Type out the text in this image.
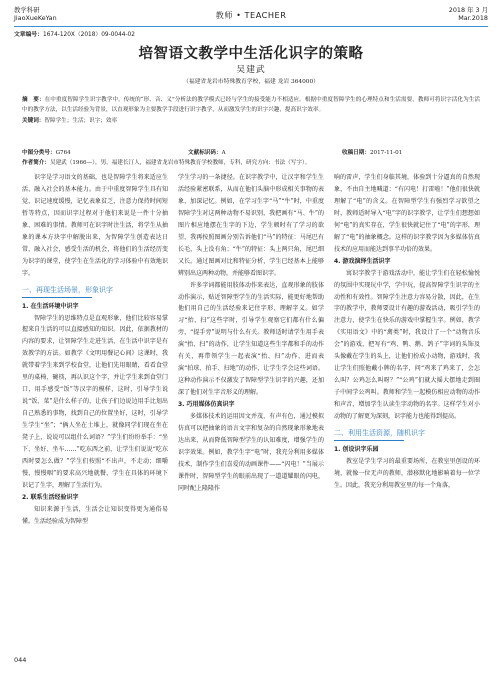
教学科研
JiaoXueKeYan	教师 • TEACHER	2018 年 3 月
Mar.2018
文章编号：1674-120X（2018）09-0044-02
培智语文教学中生活化识字的策略
吴建武
（福建省龙岩市特殊教育学校，福建 龙岩 364000）
摘　要：在中重度智障学生识字教学中，传统的“形、音、义”分析法的教学模式已经与学生的接受能力不相适应。根据中重度智障学生的心理特点和生活需要，教师可将识字活化为生活中的教学方法，以生活经验为背景，以直观形象为主要教学手段进行识字教学，从而激发学生的识字兴趣，提高识字效率。
关键词：智障学生；生活；识字；效率
中图分类号：G764	文献标识码：A	收稿日期：2017-11-01
作者简介：吴建武（1966—），男，福建长汀人，福建省龙岩市特殊教育学校教师，专科，研究方向：书法（写字）。

识字是学习语文的基础，也是智障学生将来适应生活、融入社会的基本能力。由于中重度智障学生具有知觉、识记速度缓慢，记忆表象贫乏，注意力保持时间短暂等特点，因而识字过程对于他们来说是一件十分抽象、困难的事情。教师可在识字时注生活，将学生从抽象的课本方块字中解脱出来，为智障学生创造表达日常，融入社会，感受生活的机会，将他们的生活经历变为识字的课堂，使学生在生活化的学习体验中有效地识字。

一、再现生活场景，形象识字
1. 在生活环境中识字

智障学生的思维特点是直观形象，他们比较容易掌握来自生活的可以直接感知的知识。因此，依据教材的内容的要求，让智障学生走进生活，在生活中识字是有效教学的方法。如教学《文明用餐记心间》这课时，我就带着学生来到学校食堂，让他们先用眼睛，看看食堂里的桌椅、碗筷，再认识这个字，并让学生来到食堂门口，用手感受“饭”等汉字的模样，这时，引导学生说说“饭、菜”是什么样子的，让孩子们边说边用手比划出自己熟悉的事物，找到自己的位置坐好，这时，引导学生学生“坐”；“俩人坐在土堆上，就像同学们现在坐在凳子上，说说可以组什么词语？”学生们纷纷举手：“坐下、坐好、坐车……”吃东西之前，让学生们说说“吃东西时要怎么做？”学生们按照“不出声，不走动；细嚼慢，慢慢咽”的要求高兴地就餐，学生在具体的环境下识记了生字，理解了生活行为。

2. 联系生活经验识字

知识来源于生活，生活会让知识变得更为通俗易懂。生活经验成为智障型

学生学习的一条捷径。在识字教学中，让汉字和学生生活经验紧密联系，从而在他们头脑中形成相关事物的表象，加深记忆。例如，在学习生字“马”“牛”时，中重度智障学生对这两种动物不易识别，我把画有“马、牛”的图片相应地摆在生字的下边，学生顿时有了学习的欲望，我再按照图画分别告诉他们“马”的特征：马尾巴有长毛，头上没有角；“牛”的特征：头上两只角，尾巴细又长。通过图画对比和特征分析，学生已经基本上能够辨别出这两种动物，并能够看图识字。

许多字词都能用肢体动作来表达，直观形象的肢体动作演示，贴近智障型学生的生活实际，能更好地帮助他们用自己的生活经验来记住字形、理解字义。如学习“抬、扫”这些字时，引导学生观察它们都有什么偏旁，“提手旁”说明与什么有关。教师适时请学生用手表演“抬、扫”的动作，让学生知道这些生字都和手的动作有关，再带领学生一起表演“抬、扫”动作，进而表演“拍球、拍手、扫地”的动作，让学生学会这些词语。这种动作演示不仅激发了智障型学生识字的兴趣，还加深了他们对生字音形义的理解。

3. 巧用媒体仿真识字

多媒体技术的运用因文并茂、有声有色，通过模拟仿真可以把抽象的语言文字和复杂的自然现象形象地表达出来，从而降低智障型学生的认知难度，增强学生的识字效果。例如，教学生字“电”时，我充分利用多媒体技术，制作学生们喜爱的动画课件——“闪电！”当展示课件时，智障型学生的眼前出现了一道道耀眼的闪电，同时配上隆隆作

响的雷声，学生们身临其境，体验到十分逼真的自然现象，不由自主地喊道：“有闪电！打雷啦！”他们很快就理解了“电”的含义。在智障型学生有强烈学习欲望之时，教师适时导入“电”字的识字教学，让学生们想想如何“电”的真实存在，学生很快就记住了“电”的字形，理解了“电”的抽象概念。这样的识字教学因为多媒体仿真技术的应用而能达到事半功倍的效果。

4. 游戏演绎生活识字

寓识字教学于游戏活动中，能让学生们在轻松愉悦的氛围中实现玩中学，学中玩，提高智障学生识字的主动性和有效性。智障学生注意力容易分散，因此，在生字的教学中，教师要设计有趣的游戏活动，吸引学生的注意力，使学生在快乐的游戏中掌握生字。例如，教学《实用语文》中的“禽类”时，我设计了一个“动物音乐会”的游戏，把写有“鸡、鸭、鹅、鸽子”字词的头饰及头像戴在学生的头上，让他们扮成小动物，游戏时，我让学生们照他戴小牌的名字，问“鸡来了鸡来了，会怎么叫？公鸡怎么叫呀？”“公鸡”们就大摇大摆地走到圈子中间学公鸡叫。教师和学生一起模仿相应动物的动作和声音，增加学生认读生字动物的名字。这样学生对小动物的了解更为深刻，识字能力也能得到提高。

二、利用生活资源，随机识字
1. 创设识字乐园

教室是学生学习的最重要场所，在教室里创设的环境，就像一位无声的教师，潜移默化地影响着每一位学生。因此，我充分利用教室里的每一个角落，

044
